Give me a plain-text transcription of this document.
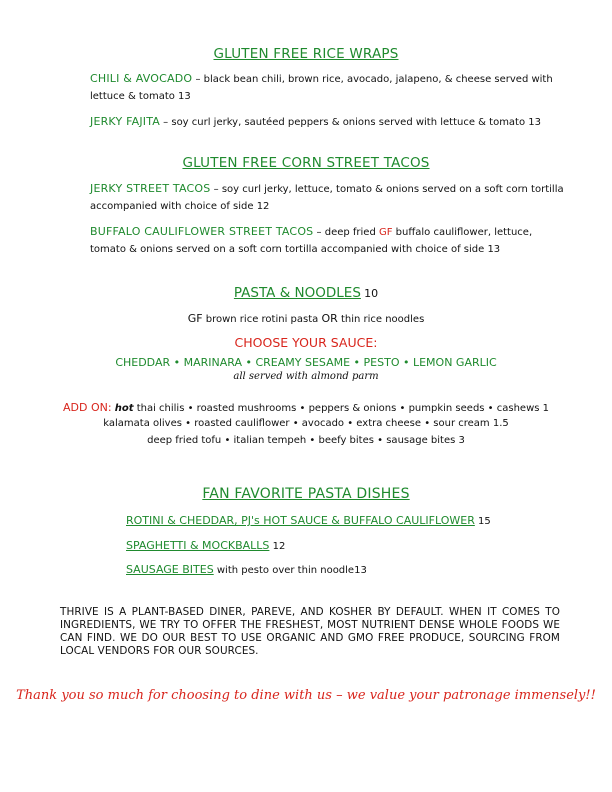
GLUTEN FREE RICE WRAPS
CHILI & AVOCADO – black bean chili, brown rice, avocado, jalapeno, & cheese served with lettuce & tomato 13
JERKY FAJITA – soy curl jerky, sautéed peppers & onions served with lettuce & tomato 13
GLUTEN FREE CORN STREET TACOS
JERKY STREET TACOS – soy curl jerky, lettuce, tomato & onions served on a soft corn tortilla accompanied with choice of side 12
BUFFALO CAULIFLOWER STREET TACOS – deep fried GF buffalo cauliflower, lettuce, tomato & onions served on a soft corn tortilla accompanied with choice of side 13
PASTA & NOODLES 10
GF brown rice rotini pasta OR thin rice noodles
CHOOSE YOUR SAUCE:
CHEDDAR • MARINARA • CREAMY SESAME • PESTO • LEMON GARLIC
all served with almond parm
ADD ON: hot thai chilis • roasted mushrooms • peppers & onions • pumpkin seeds • cashews 1
kalamata olives • roasted cauliflower • avocado • extra cheese • sour cream 1.5
deep fried tofu • italian tempeh • beefy bites • sausage bites 3
FAN FAVORITE PASTA DISHES
ROTINI & CHEDDAR, PJ's HOT SAUCE & BUFFALO CAULIFLOWER 15
SPAGHETTI & MOCKBALLS 12
SAUSAGE BITES with pesto over thin noodle13
THRIVE IS A PLANT-BASED DINER, PAREVE, AND KOSHER BY DEFAULT. WHEN IT COMES TO INGREDIENTS, WE TRY TO OFFER THE FRESHEST, MOST NUTRIENT DENSE WHOLE FOODS WE CAN FIND. WE DO OUR BEST TO USE ORGANIC AND GMO FREE PRODUCE, SOURCING FROM LOCAL VENDORS FOR OUR SOURCES.
Thank you so much for choosing to dine with us – we value your patronage immensely!!
